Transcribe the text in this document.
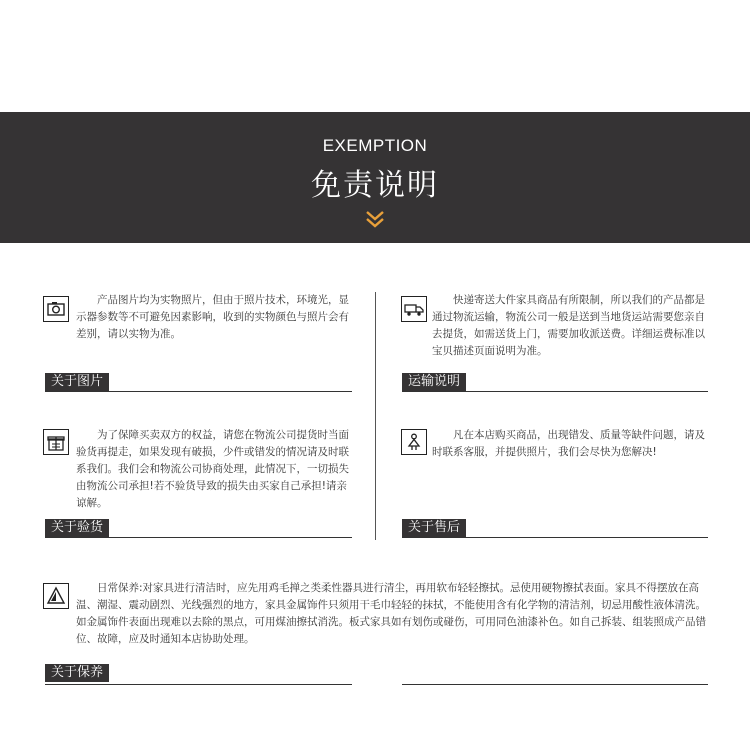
EXEMPTION
免责说明
产品图片均为实物照片，但由于照片技术，环境光，显示器参数等不可避免因素影响，收到的实物颜色与照片会有差别，请以实物为准。
关于图片
快递寄送大件家具商品有所限制，所以我们的产品都是通过物流运输，物流公司一般是送到当地货运站需要您亲自去提货，如需送货上门，需要加收派送费。详细运费标准以宝贝描述页面说明为准。
运输说明
为了保障买卖双方的权益，请您在物流公司提货时当面验货再提走，如果发现有破损，少件或错发的情况请及时联系我们。我们会和物流公司协商处理，此情况下，一切损失由物流公司承担!若不验货导致的损失由买家自己承担!请亲谅解。
关于验货
凡在本店购买商品，出现错发、质量等缺件问题，请及时联系客服，并提供照片，我们会尽快为您解决!
关于售后
日常保养:对家具进行清洁时，应先用鸡毛掸之类柔性器具进行清尘，再用软布轻轻擦拭。忌使用硬物擦拭表面。家具不得摆放在高温、潮湿、震动剧烈、光线强烈的地方，家具金属饰件只须用干毛巾轻轻的抹拭，不能使用含有化学物的清洁剂，切忌用酸性液体清洗。如金属饰件表面出现难以去除的黑点，可用煤油擦拭消洗。板式家具如有划伤或碰伤，可用同色油漆补色。如自己拆装、组装照成产品错位、故障，应及时通知本店协助处理。
关于保养
